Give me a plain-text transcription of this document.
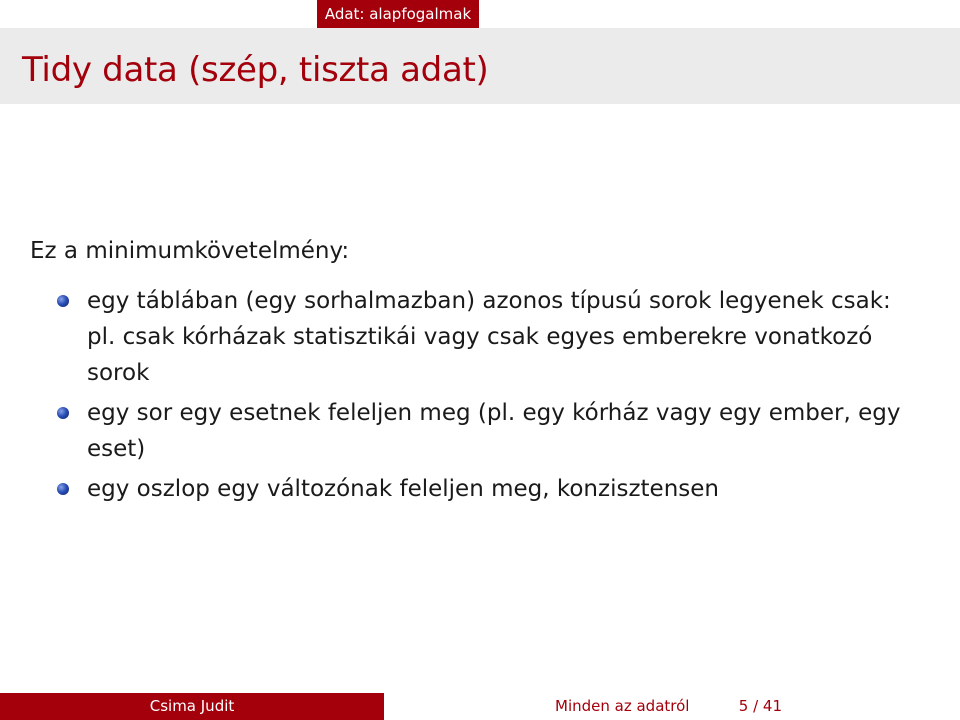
Adat: alapfogalmak
Tidy data (szép, tiszta adat)

Ez a minimumkövetelmény:

egy táblában (egy sorhalmazban) azonos típusú sorok legyenek csak:
pl. csak kórházak statisztikái vagy csak egyes emberekre vonatkozó
sorok
egy sor egy esetnek feleljen meg (pl. egy kórház vagy egy ember, egy
eset)
egy oszlop egy változónak feleljen meg, konzisztensen
Csima Judit	Minden az adatról	5 / 41
